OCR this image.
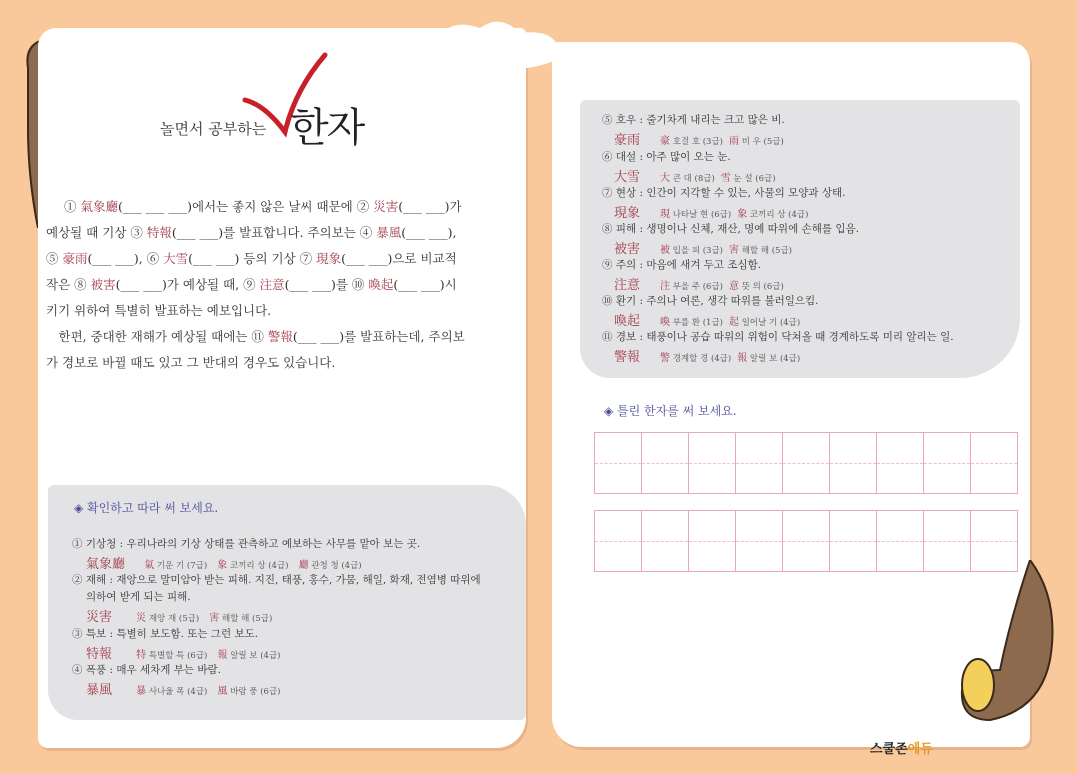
놀면서 공부하는 한자
① 氣象廳(___ ___ ___)에서는 좋지 않은 날씨 때문에 ② 災害(___ ___)가
예상될 때 기상 ③ 特報(___ ___)를 발표합니다. 주의보는 ④ 暴風(___ ___),
⑤ 豪雨(___ ___), ⑥ 大雪(___ ___) 등의 기상 ⑦ 現象(___ ___)으로 비교적
작은 ⑧ 被害(___ ___)가 예상될 때, ⑨ 注意(___ ___)를 ⑩ 喚起(___ ___)시
키기 위하여 특별히 발표하는 예보입니다.
　한편, 중대한 재해가 예상될 때에는 ⑪ 警報(___ ___)를 발표하는데, 주의보
가 경보로 바뀔 때도 있고 그 반대의 경우도 있습니다.
◈ 확인하고 따라 써 보세요.
① 기상청 : 우리나라의 기상 상태를 관측하고 예보하는 사무를 맡아 보는 곳.
氣象廳 氣 기운 기 (7급) 象 코끼리 상 (4급) 廳 관청 청 (4급)
② 재해 : 재앙으로 말미암아 받는 피해. 지진, 태풍, 홍수, 가뭄, 해일, 화재, 전염병 따위에
의하여 받게 되는 피해.
災害 災 재앙 재 (5급) 害 해할 해 (5급)
③ 특보 : 특별히 보도함. 또는 그런 보도.
特報 特 특별할 특 (6급) 報 알릴 보 (4급)
④ 폭풍 : 매우 세차게 부는 바람.
暴風 暴 사나울 폭 (4급) 風 바람 풍 (6급)
⑤ 호우 : 줄기차게 내리는 크고 많은 비.
豪雨 豪 호걸 호 (3급) 雨 비 우 (5급)
⑥ 대설 : 아주 많이 오는 눈.
大雪 大 큰 대 (8급) 雪 눈 설 (6급)
⑦ 현상 : 인간이 지각할 수 있는, 사물의 모양과 상태.
現象 現 나타날 현 (6급) 象 코끼리 상 (4급)
⑧ 피해 : 생명이나 신체, 재산, 명예 따위에 손해를 입음.
被害 被 입을 피 (3급) 害 해할 해 (5급)
⑨ 주의 : 마음에 새겨 두고 조심함.
注意 注 부을 주 (6급) 意 뜻 의 (6급)
⑩ 환기 : 주의나 여론, 생각 따위를 불러일으킴.
喚起 喚 부를 환 (1급) 起 일어날 기 (4급)
⑪ 경보 : 태풍이나 공습 따위의 위험이 닥쳐올 때 경계하도록 미리 알리는 일.
警報 警 경계할 경 (4급) 報 알릴 보 (4급)
◈ 틀린 한자를 써 보세요.
스쿨존에듀
